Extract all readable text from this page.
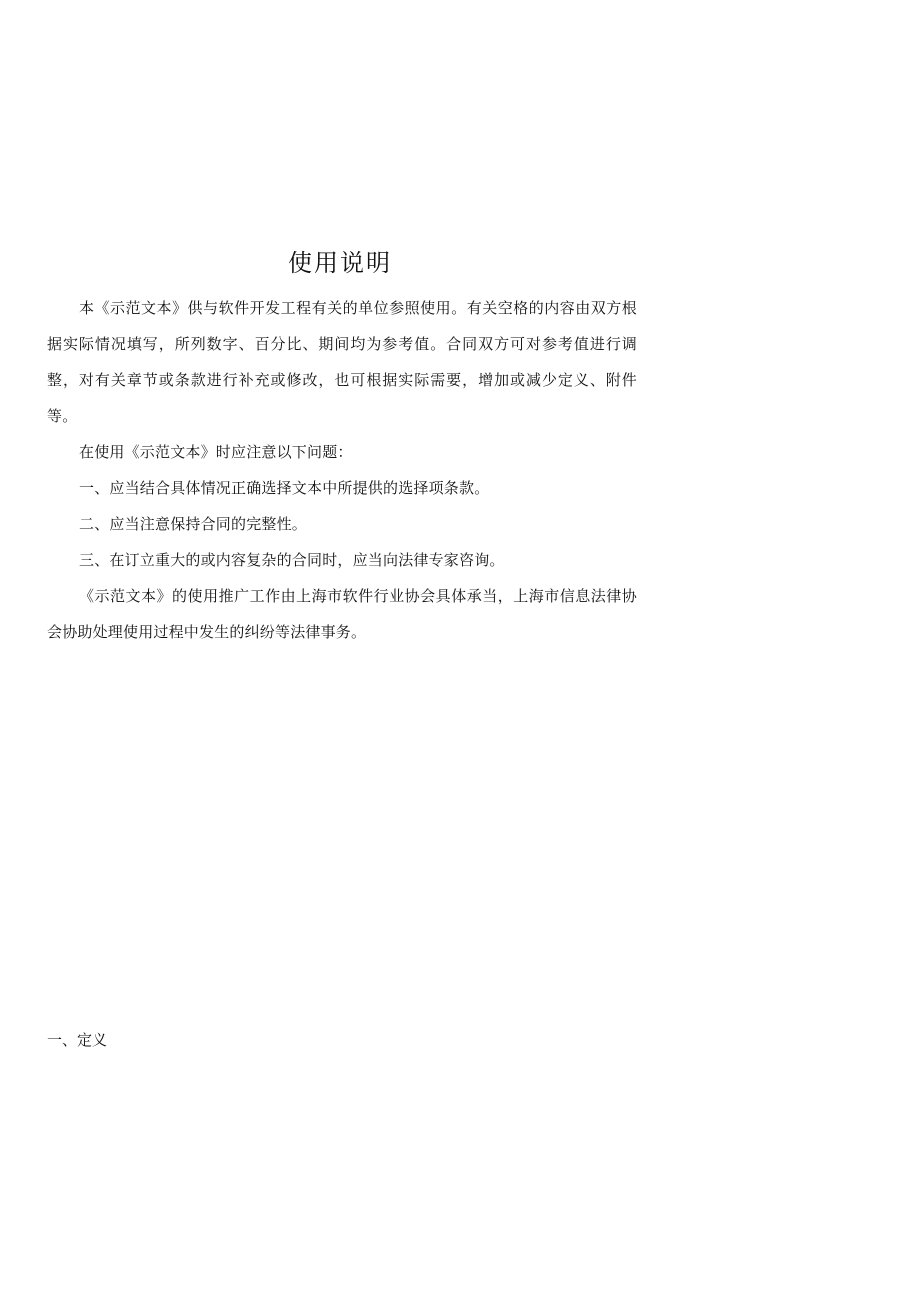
使用说明

本《示范文本》供与软件开发工程有关的单位参照使用。有关空格的内容由双方根据实际情况填写，所列数字、百分比、期间均为参考值。合同双方可对参考值进行调整，对有关章节或条款进行补充或修改，也可根据实际需要，增加或减少定义、附件等。

在使用《示范文本》时应注意以下问题：

一、应当结合具体情况正确选择文本中所提供的选择项条款。

二、应当注意保持合同的完整性。

三、在订立重大的或内容复杂的合同时，应当向法律专家咨询。

《示范文本》的使用推广工作由上海市软件行业协会具体承当，上海市信息法律协会协助处理使用过程中发生的纠纷等法律事务。

一、定义
